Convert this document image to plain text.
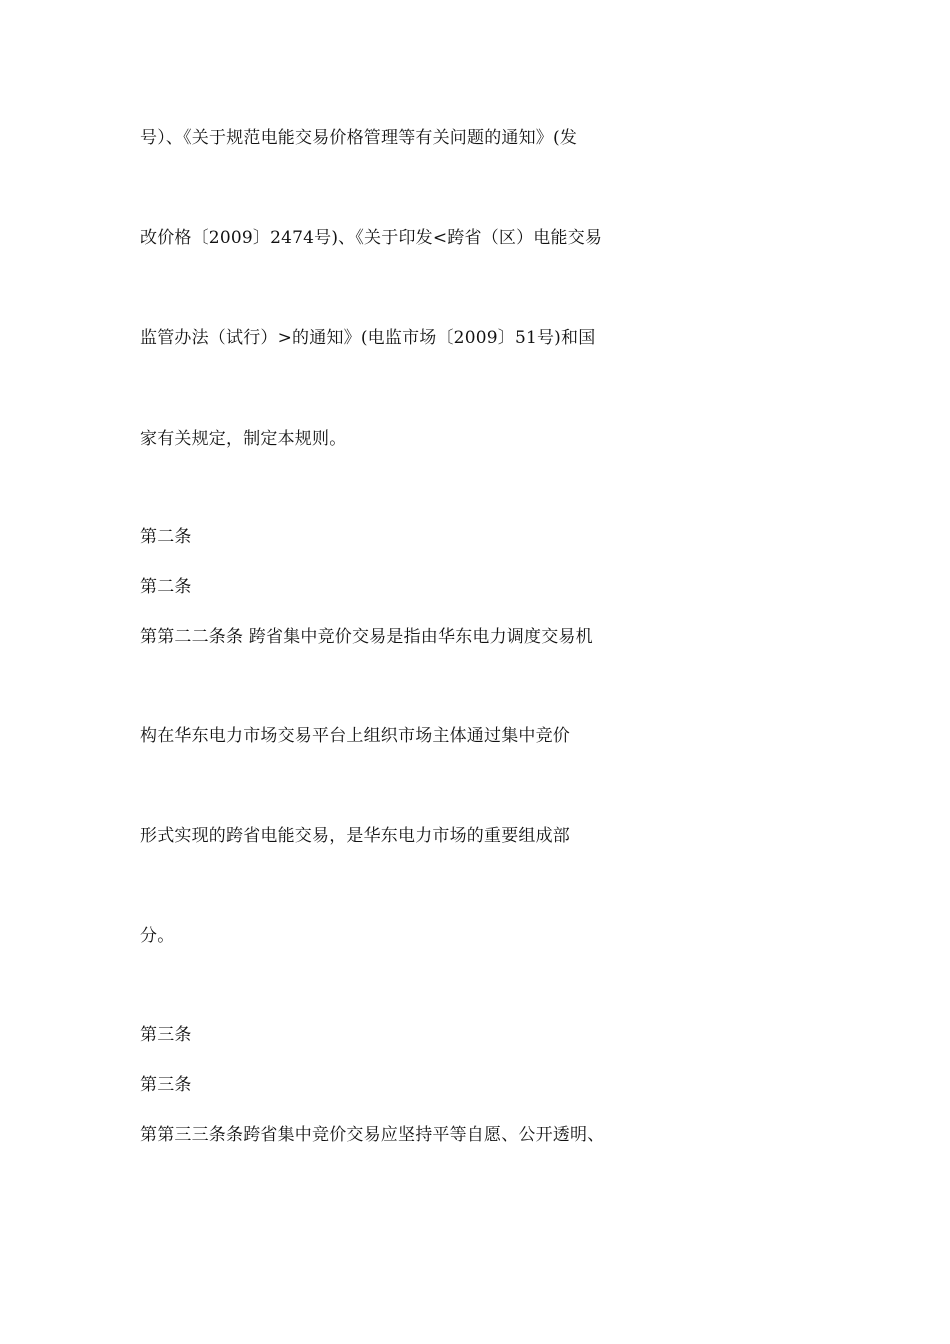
号）、《关于规范电能交易价格管理等有关问题的通知》(发
改价格〔2009〕2474号)、《关于印发<跨省（区）电能交易
监管办法（试行）>的通知》(电监市场〔2009〕51号)和国
家有关规定，制定本规则。
第二条
第二条
第第二二条条 跨省集中竞价交易是指由华东电力调度交易机
构在华东电力市场交易平台上组织市场主体通过集中竞价
形式实现的跨省电能交易，是华东电力市场的重要组成部
分。
第三条
第三条
第第三三条条跨省集中竞价交易应坚持平等自愿、公开透明、
